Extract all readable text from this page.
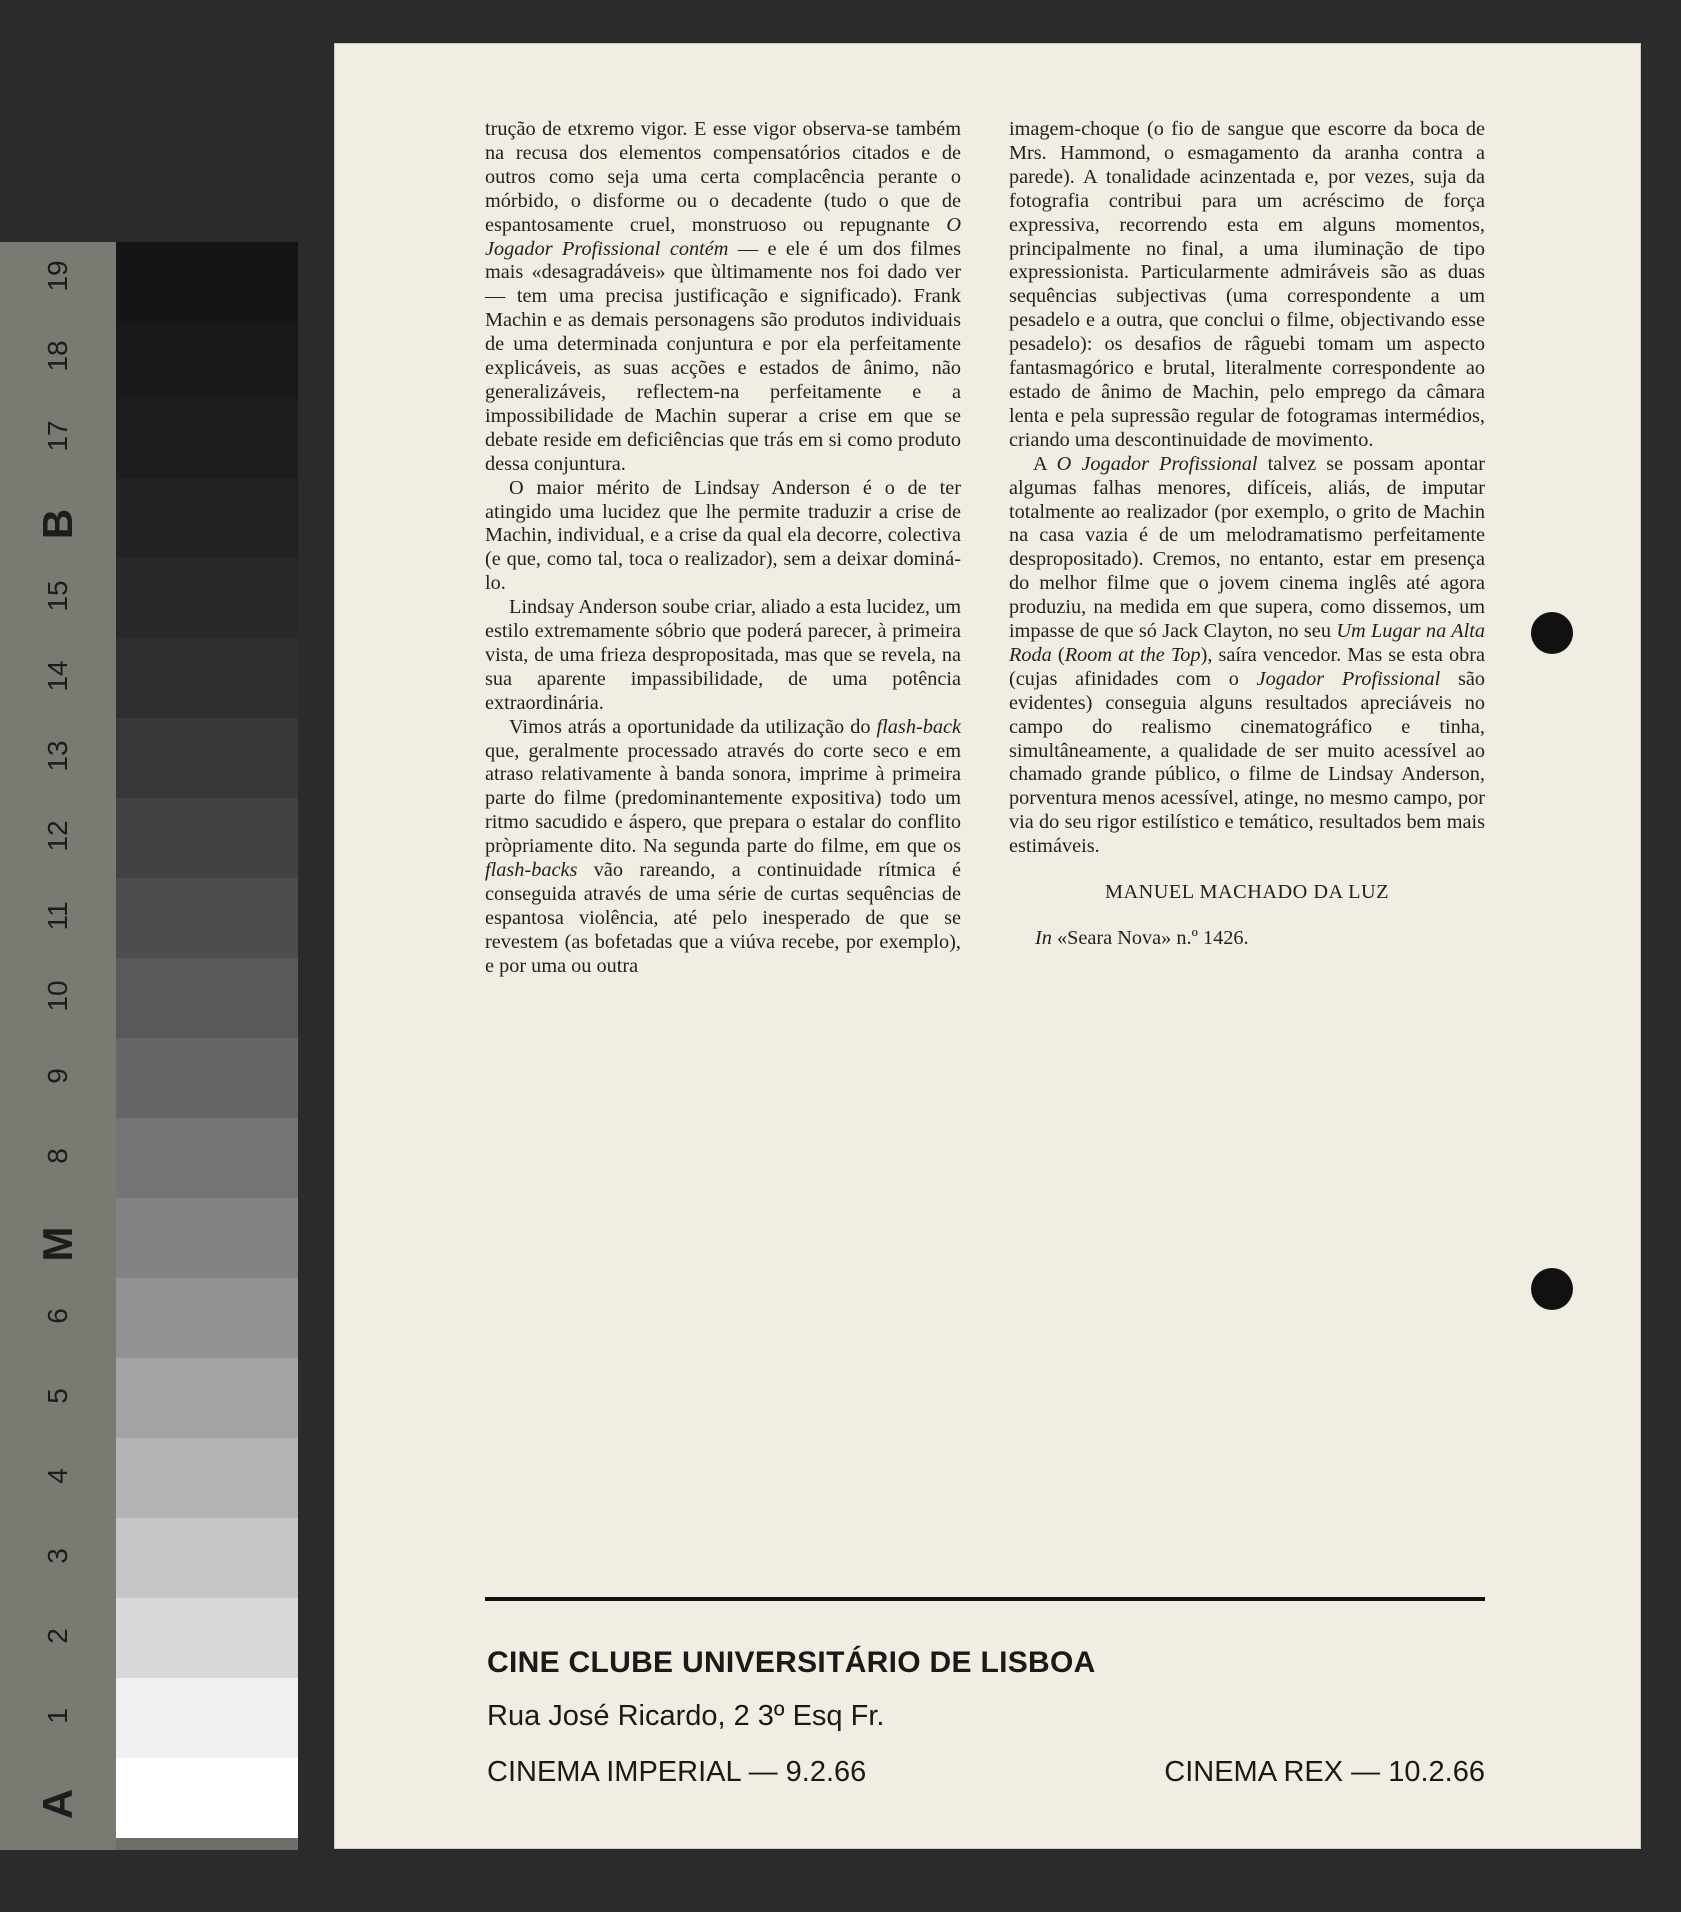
A
1
2
3
4
5
6
M
8
9
10
11
12
13
14
15
B
17
18
19

trução de etxremo vigor. E esse vigor observa-se também na recusa dos elementos compensatórios citados e de outros como seja uma certa complacência perante o mórbido, o disforme ou o decadente (tudo o que de espantosamente cruel, monstruoso ou repugnante O Jogador Profissional contém — e ele é um dos filmes mais «desagradáveis» que ùltimamente nos foi dado ver — tem uma precisa justificação e significado). Frank Machin e as demais personagens são produtos individuais de uma determinada conjuntura e por ela perfeitamente explicáveis, as suas acções e estados de ânimo, não generalizáveis, reflectem-na perfeitamente e a impossibilidade de Machin superar a crise em que se debate reside em deficiências que trás em si como produto dessa conjuntura.

O maior mérito de Lindsay Anderson é o de ter atingido uma lucidez que lhe permite traduzir a crise de Machin, individual, e a crise da qual ela decorre, colectiva (e que, como tal, toca o realizador), sem a deixar dominá-lo.

Lindsay Anderson soube criar, aliado a esta lucidez, um estilo extremamente sóbrio que poderá parecer, à primeira vista, de uma frieza despropositada, mas que se revela, na sua aparente impassibilidade, de uma potência extraordinária.

Vimos atrás a oportunidade da utilização do flash-back que, geralmente processado através do corte seco e em atraso relativamente à banda sonora, imprime à primeira parte do filme (predominantemente expositiva) todo um ritmo sacudido e áspero, que prepara o estalar do conflito pròpriamente dito. Na segunda parte do filme, em que os flash-backs vão rareando, a continuidade rítmica é conseguida através de uma série de curtas sequências de espantosa violência, até pelo inesperado de que se revestem (as bofetadas que a viúva recebe, por exemplo), e por uma ou outra

imagem-choque (o fio de sangue que escorre da boca de Mrs. Hammond, o esmagamento da aranha contra a parede). A tonalidade acinzentada e, por vezes, suja da fotografia contribui para um acréscimo de força expressiva, recorrendo esta em alguns momentos, principalmente no final, a uma iluminação de tipo expressionista. Particularmente admiráveis são as duas sequências subjectivas (uma correspondente a um pesadelo e a outra, que conclui o filme, objectivando esse pesadelo): os desafios de râguebi tomam um aspecto fantasmagórico e brutal, literalmente correspondente ao estado de ânimo de Machin, pelo emprego da câmara lenta e pela supressão regular de fotogramas intermédios, criando uma descontinuidade de movimento.

A O Jogador Profissional talvez se possam apontar algumas falhas menores, difíceis, aliás, de imputar totalmente ao realizador (por exemplo, o grito de Machin na casa vazia é de um melodramatismo perfeitamente despropositado). Cremos, no entanto, estar em presença do melhor filme que o jovem cinema inglês até agora produziu, na medida em que supera, como dissemos, um impasse de que só Jack Clayton, no seu Um Lugar na Alta Roda (Room at the Top), saíra vencedor. Mas se esta obra (cujas afinidades com o Jogador Profissional são evidentes) conseguia alguns resultados apreciáveis no campo do realismo cinematográfico e tinha, simultâneamente, a qualidade de ser muito acessível ao chamado grande público, o filme de Lindsay Anderson, porventura menos acessível, atinge, no mesmo campo, por via do seu rigor estilístico e temático, resultados bem mais estimáveis.

MANUEL MACHADO DA LUZ
In «Seara Nova» n.º 1426.
CINE CLUBE UNIVERSITÁRIO DE LISBOA
Rua José Ricardo, 2 3º Esq Fr.
CINEMA IMPERIAL — 9.2.66	CINEMA REX — 10.2.66
